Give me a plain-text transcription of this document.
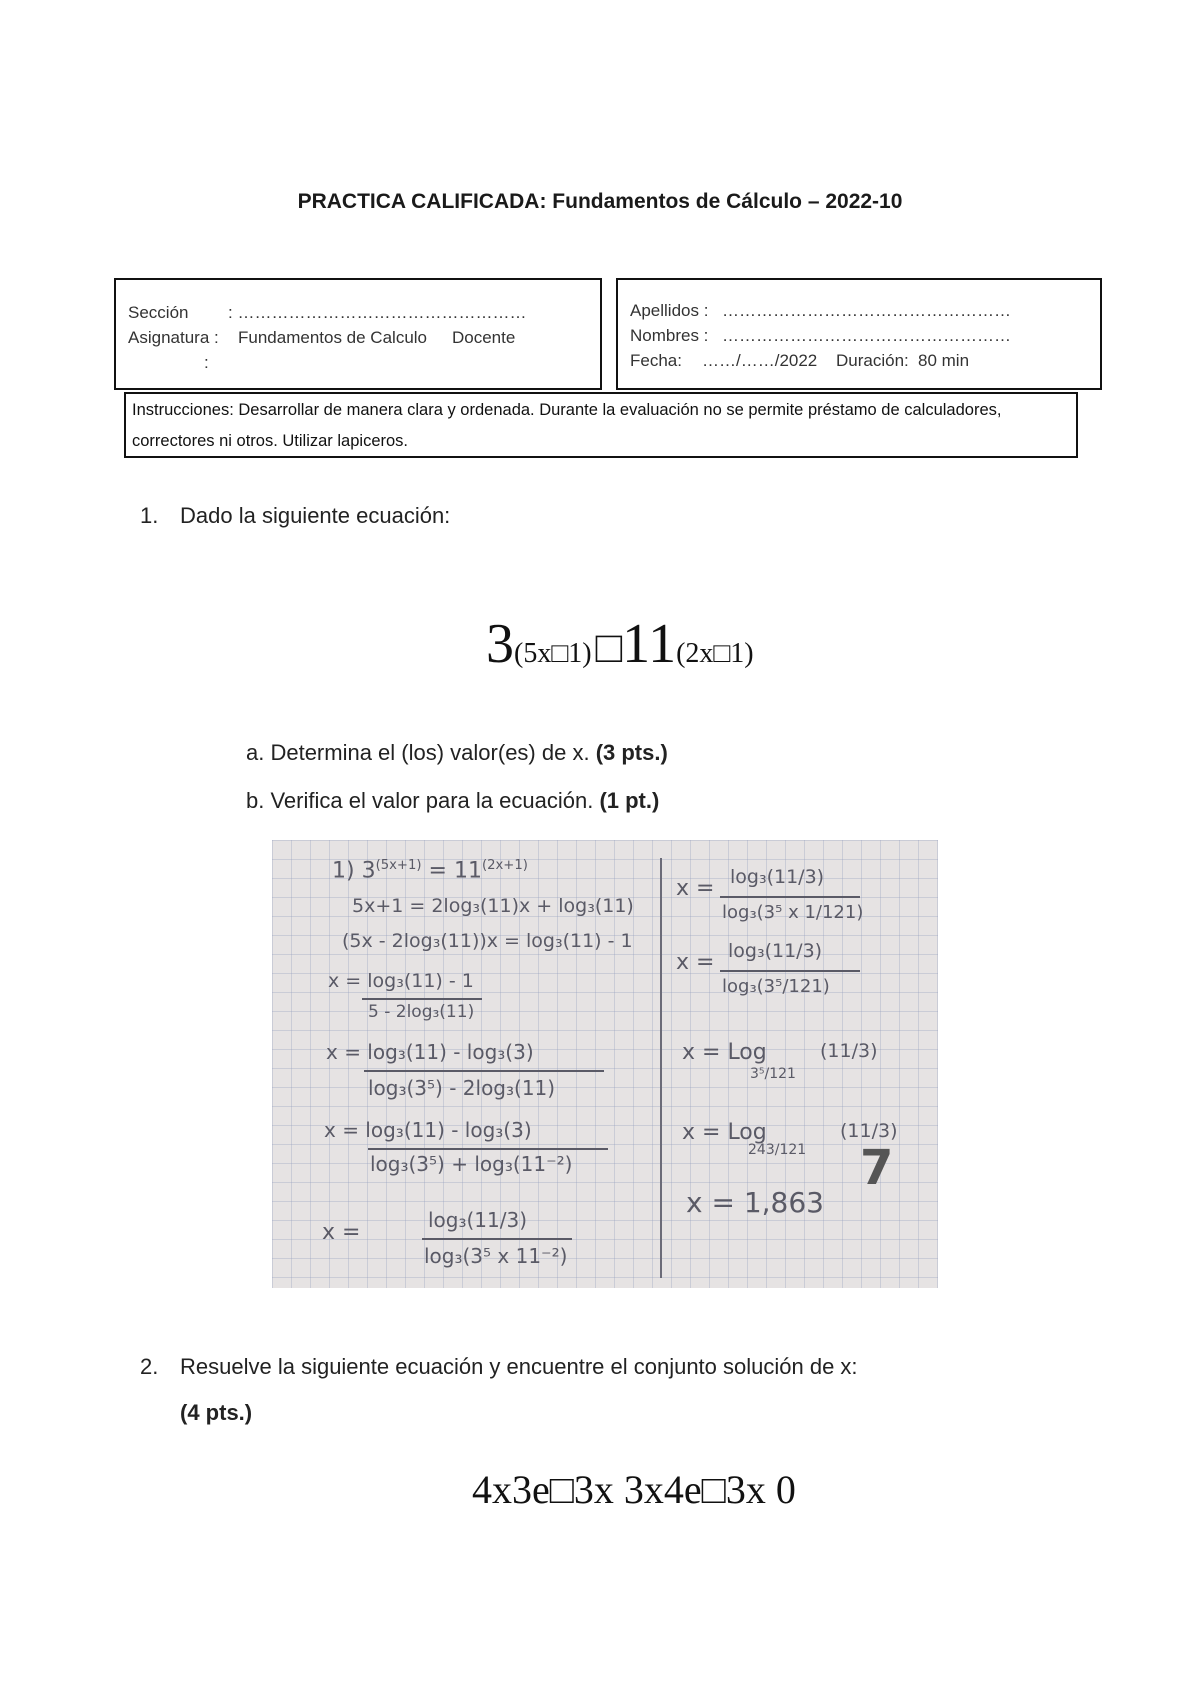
PRACTICA CALIFICADA: Fundamentos de Cálculo – 2022-10
Sección : ……………………………………………
Asignatura : Fundamentos de Calculo Docente
:
Apellidos : ……………………………………………
Nombres : ……………………………………………
Fecha: ……/……/2022 Duración: 80 min
Instrucciones: Desarrollar de manera clara y ordenada. Durante la evaluación no se permite préstamo de calculadores, correctores ni otros. Utilizar lapiceros.
1. Dado la siguiente ecuación:
3(5x□1) □11(2x□1)
a. Determina el (los) valor(es) de x. (3 pts.)
b. Verifica el valor para la ecuación. (1 pt.)
1) $3^{(5x+1)} = 11^{(2x+1)}$
5x+1 = 2log₃(11)x + log₃(11)
(5x - 2log₃(11))x = log₃(11) - 1
x = log₃(11) - 1
5 - 2log₃(11)
x = log₃(11) - log₃(3)
log₃(3⁵) - 2log₃(11)
x = log₃(11) - log₃(3)
log₃(3⁵) + log₃(11⁻²)
x =	log₃(11/3)
log₃(3⁵ x 11⁻²)
x = log₃(11/3)
log₃(3⁵ x 1/121)
x = log₃(11/3)
log₃(3⁵/121)
x = Log
3⁵/121
(11/3)
x = Log
243/121
(11/3)
x = 1,863
7
2. Resuelve la siguiente ecuación y encuentre el conjunto solución de x:
(4 pts.)
4x3e□3x 3x4e□3x 0
